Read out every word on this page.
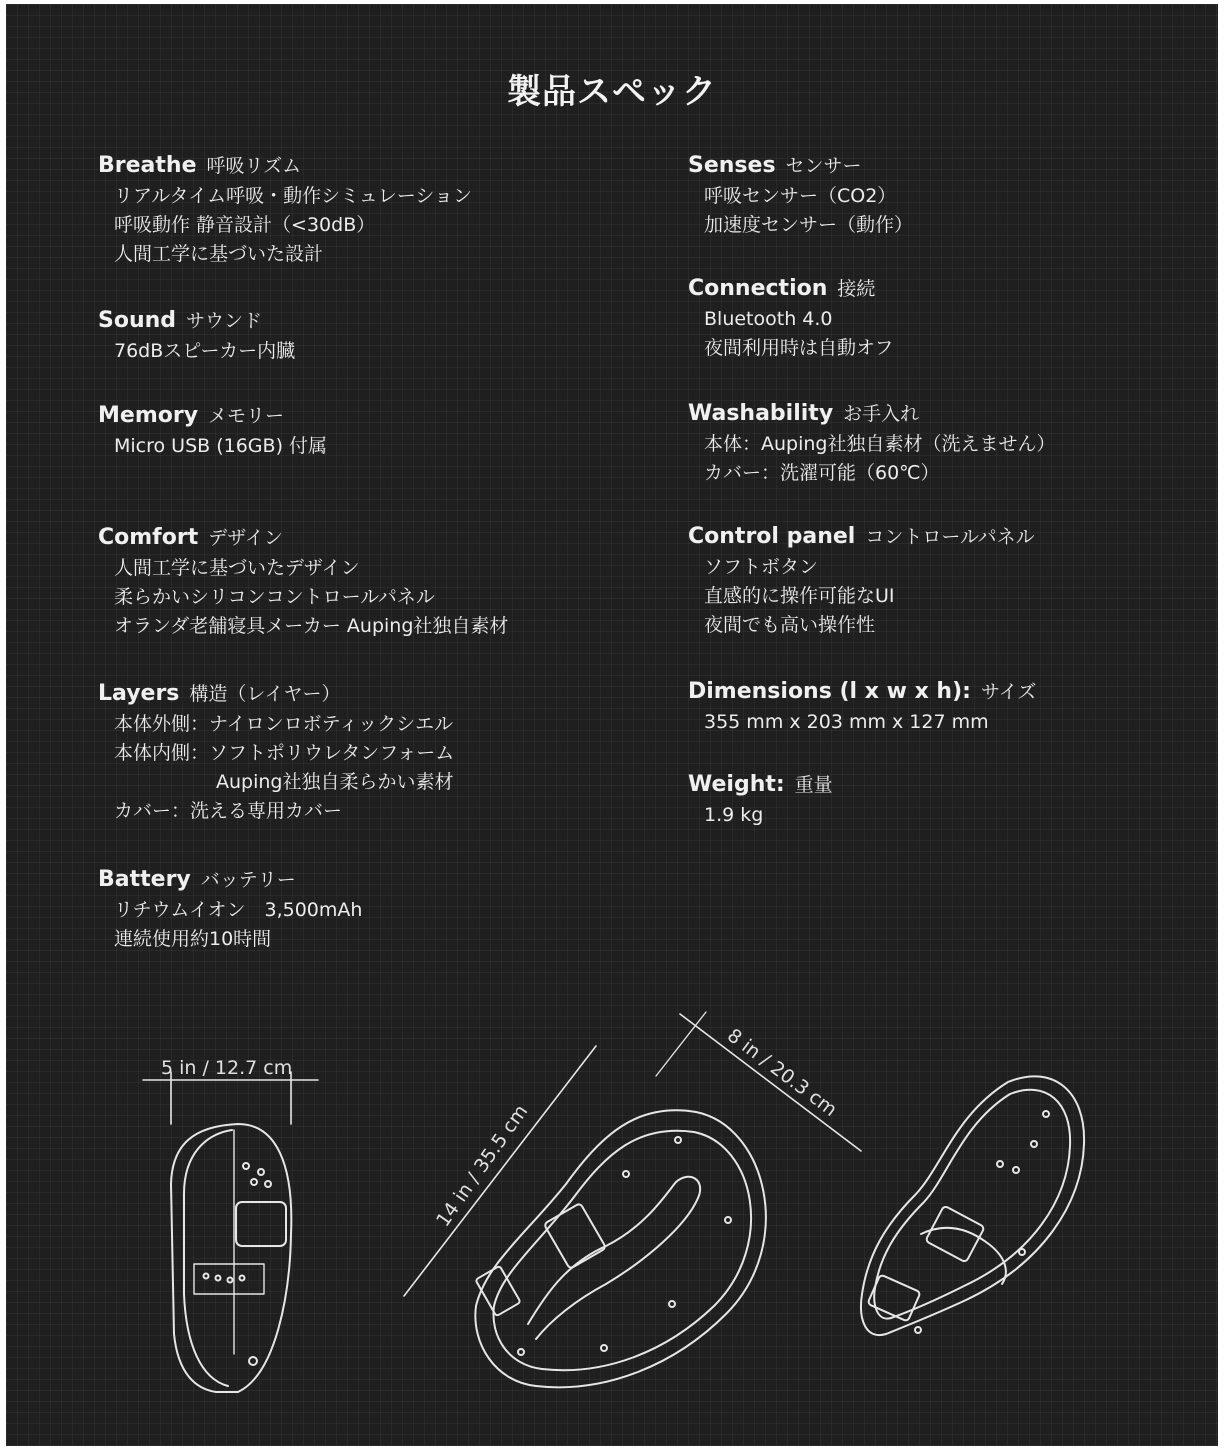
製品スペック
Breathe 呼吸リズム
リアルタイム呼吸・動作シミュレーション
呼吸動作 静音設計（<30dB）
人間工学に基づいた設計
Sound サウンド
76dBスピーカー内臓
Memory メモリー
Micro USB (16GB) 付属
Comfort デザイン
人間工学に基づいたデザイン
柔らかいシリコンコントロールパネル
オランダ老舗寝具メーカー Auping社独自素材
Layers 構造（レイヤー）
本体外側：ナイロンロボティックシエル
本体内側：ソフトポリウレタンフォーム
Auping社独自柔らかい素材
カバー：洗える専用カバー
Battery バッテリー
リチウムイオン　3,500mAh
連続使用約10時間
Senses センサー
呼吸センサー（CO2）
加速度センサー（動作）
Connection 接続
Bluetooth 4.0
夜間利用時は自動オフ
Washability お手入れ
本体：Auping社独自素材（洗えません）
カバー：洗濯可能（60℃）
Control panel コントロールパネル
ソフトボタン
直感的に操作可能なUI
夜間でも高い操作性
Dimensions (l x w x h): サイズ
355 mm x 203 mm x 127 mm
Weight: 重量
1.9 kg
5 in / 12.7 cm
14 in / 35.5 cm
8 in / 20.3 cm
